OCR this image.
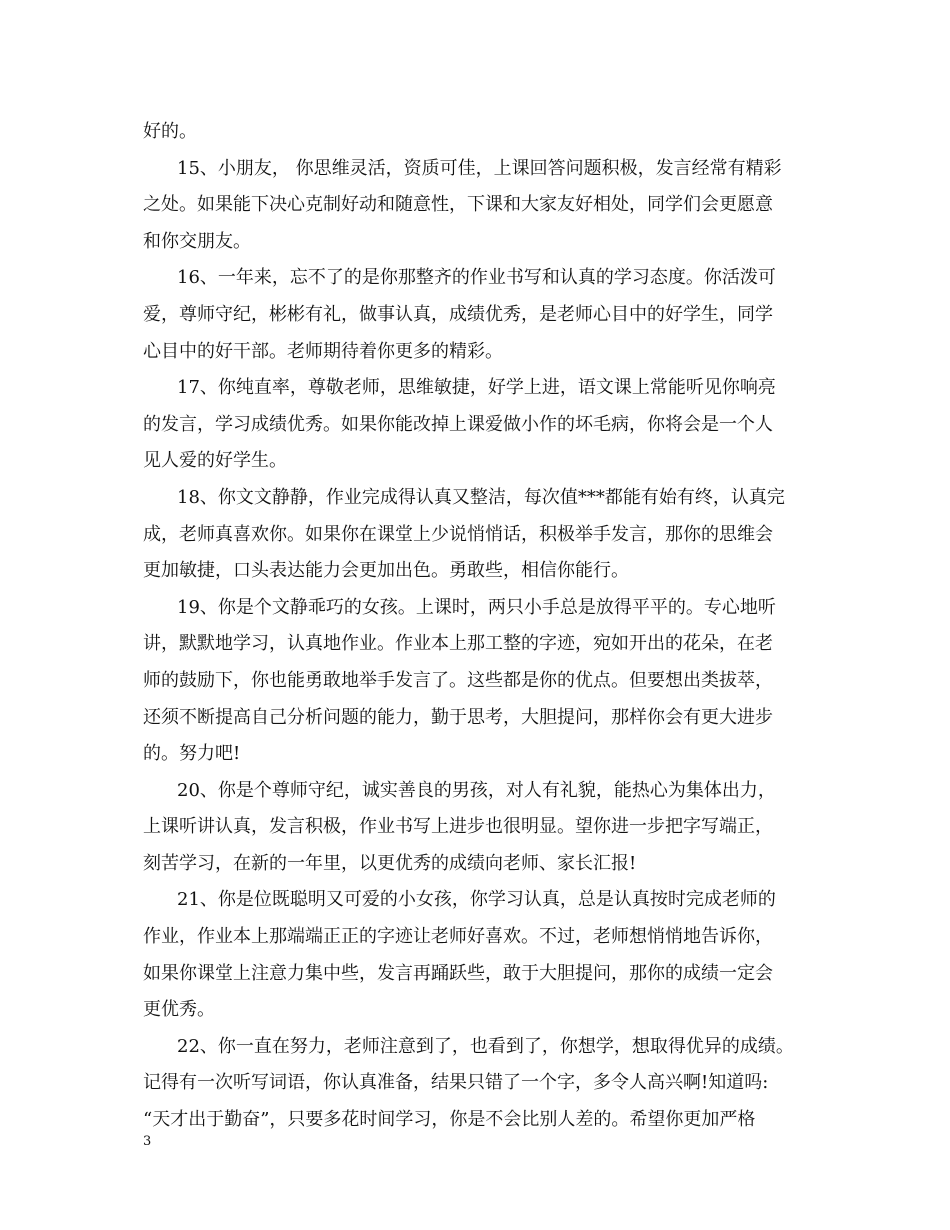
好的。
15、小朋友， 你思维灵活，资质可佳，上课回答问题积极，发言经常有精彩
之处。如果能下决心克制好动和随意性，下课和大家友好相处，同学们会更愿意
和你交朋友。
16、一年来，忘不了的是你那整齐的作业书写和认真的学习态度。你活泼可
爱，尊师守纪，彬彬有礼，做事认真，成绩优秀，是老师心目中的好学生，同学
心目中的好干部。老师期待着你更多的精彩。
17、你纯直率，尊敬老师，思维敏捷，好学上进，语文课上常能听见你响亮
的发言，学习成绩优秀。如果你能改掉上课爱做小作的坏毛病，你将会是一个人
见人爱的好学生。
18、你文文静静，作业完成得认真又整洁，每次值***都能有始有终，认真完
成，老师真喜欢你。如果你在课堂上少说悄悄话，积极举手发言，那你的思维会
更加敏捷，口头表达能力会更加出色。勇敢些，相信你能行。
19、你是个文静乖巧的女孩。上课时，两只小手总是放得平平的。专心地听
讲，默默地学习，认真地作业。作业本上那工整的字迹，宛如开出的花朵，在老
师的鼓励下，你也能勇敢地举手发言了。这些都是你的优点。但要想出类拔萃，
还须不断提高自己分析问题的能力，勤于思考，大胆提问，那样你会有更大进步
的。努力吧!
20、你是个尊师守纪，诚实善良的男孩，对人有礼貌，能热心为集体出力，
上课听讲认真，发言积极，作业书写上进步也很明显。望你进一步把字写端正，
刻苦学习，在新的一年里，以更优秀的成绩向老师、家长汇报!
21、你是位既聪明又可爱的小女孩，你学习认真，总是认真按时完成老师的
作业，作业本上那端端正正的字迹让老师好喜欢。不过，老师想悄悄地告诉你，
如果你课堂上注意力集中些，发言再踊跃些，敢于大胆提问，那你的成绩一定会
更优秀。
22、你一直在努力，老师注意到了，也看到了，你想学，想取得优异的成绩。
记得有一次听写词语，你认真准备，结果只错了一个字，多令人高兴啊!知道吗:
“天才出于勤奋”，只要多花时间学习，你是不会比别人差的。希望你更加严格
3
